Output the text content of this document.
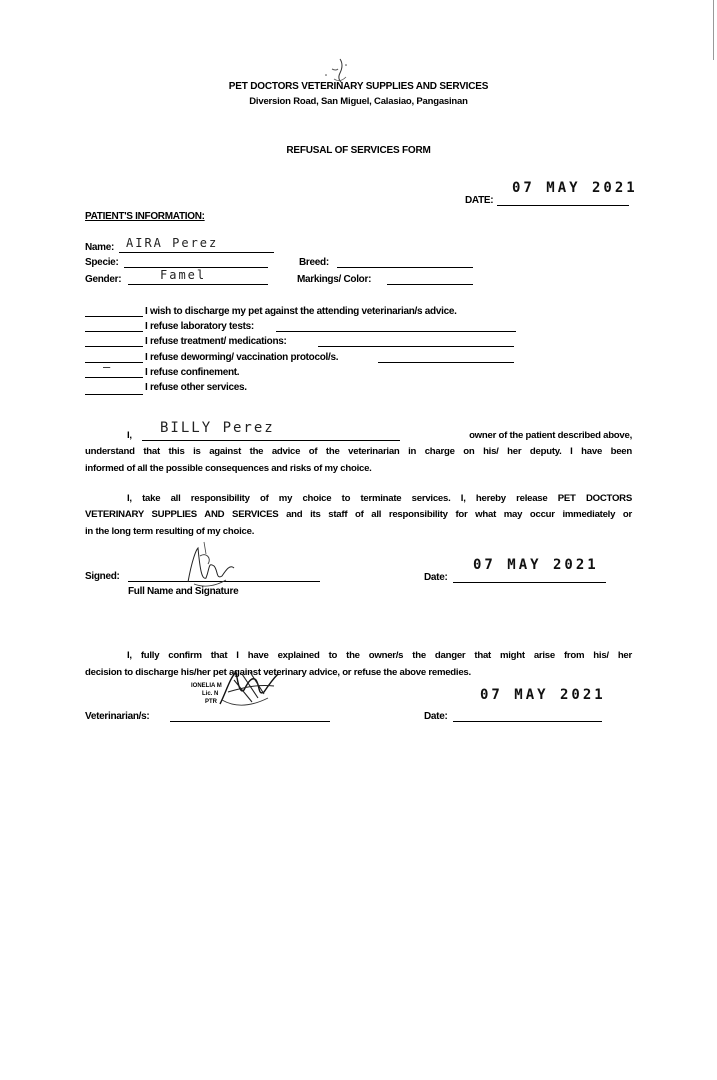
PET DOCTORS VETERINARY SUPPLIES AND SERVICES
Diversion Road, San Miguel, Calasiao, Pangasinan
REFUSAL OF SERVICES FORM
DATE:
07 MAY 2021
PATIENT'S INFORMATION:
Name: AIRA Perez
Specie:	Breed:
Gender:	Famel	Markings/ Color:
I wish to discharge my pet against the attending veterinarian/s advice.
I refuse laboratory tests:
I refuse treatment/ medications:
I refuse deworming/ vaccination protocol/s.
—	I refuse confinement.
I refuse other services.
I, BILLY Perez	owner of the patient described above,
understand that this is against the advice of the veterinarian in charge on his/ her deputy. I have been
informed of all the possible consequences and risks of my choice.
I, take all responsibility of my choice to terminate services. I, hereby release PET DOCTORS
VETERINARY SUPPLIES AND SERVICES and its staff of all responsibility for what may occur immediately or
in the long term resulting of my choice.
Signed:
Full Name and Signature
Date:
07 MAY 2021
I, fully confirm that I have explained to the owner/s the danger that might arise from his/ her
decision to discharge his/her pet against veterinary advice, or refuse the above remedies.
IONELIA M
Lic. N
PTR
Veterinarian/s:	Date:
07 MAY 2021
